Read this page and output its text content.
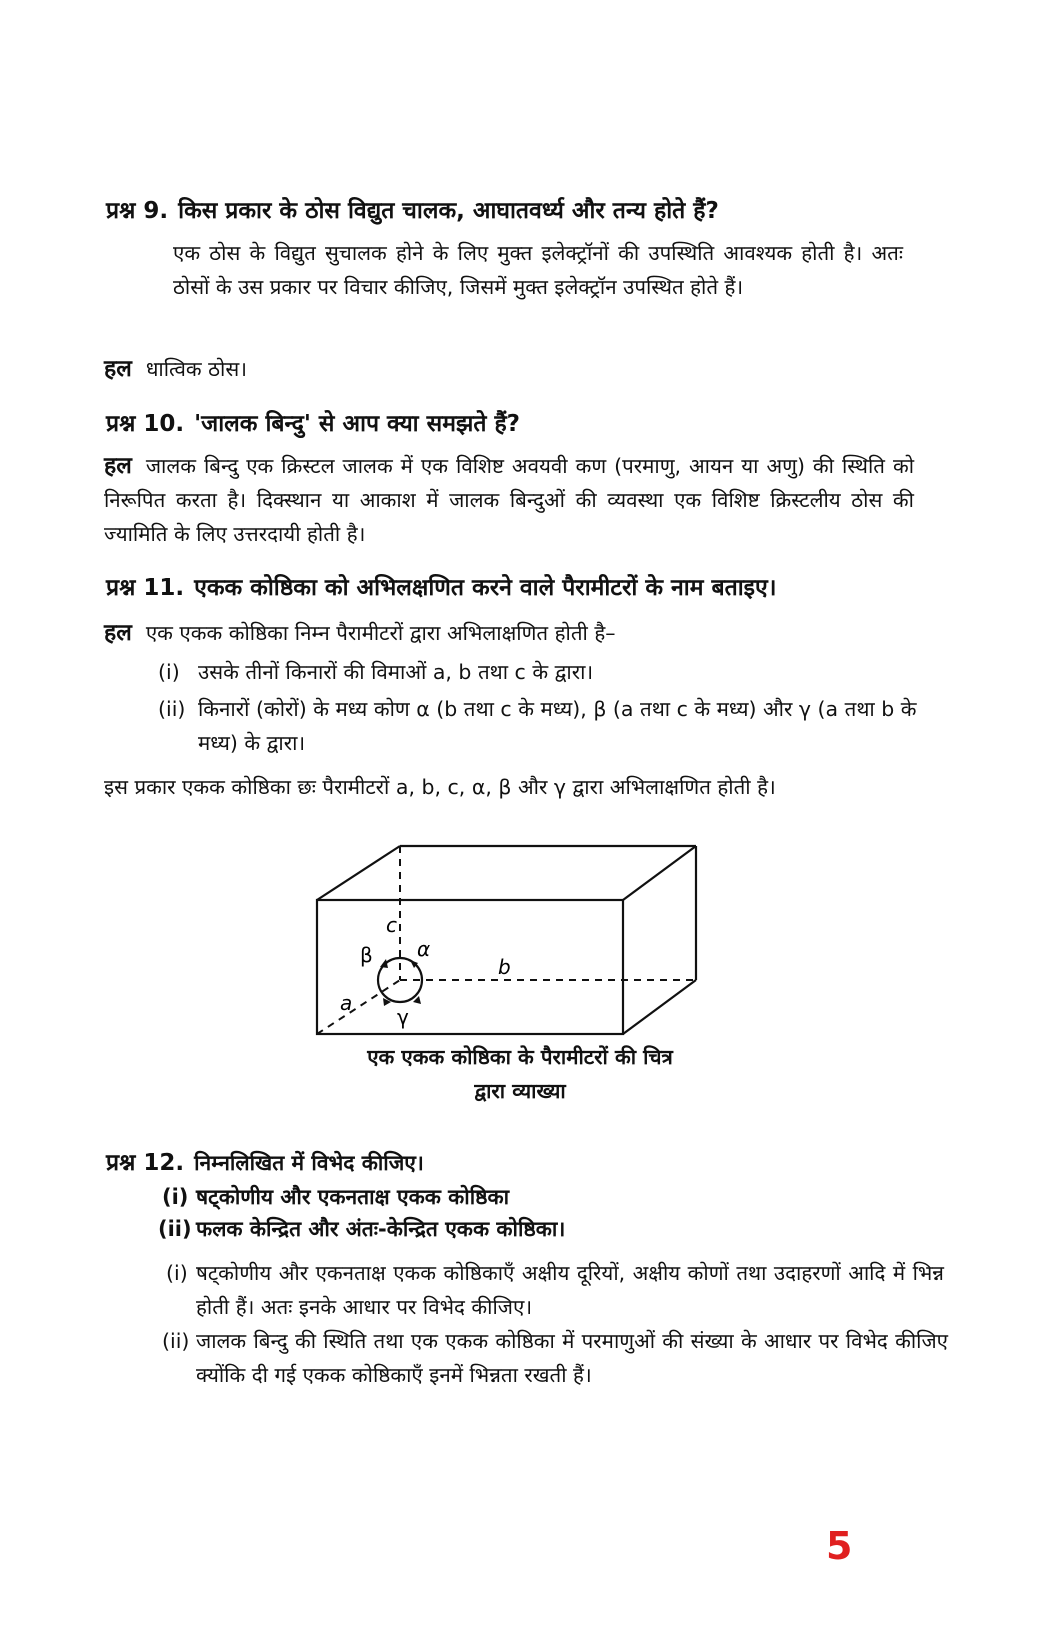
प्रश्न 9. किस प्रकार के ठोस विद्युत चालक, आघातवर्ध्य और तन्य होते हैं?
एक ठोस के विद्युत सुचालक होने के लिए मुक्त इलेक्ट्रॉनों की उपस्थिति आवश्यक होती है। अतः ठोसों के उस प्रकार पर विचार कीजिए, जिसमें मुक्त इलेक्ट्रॉन उपस्थित होते हैं।
हल धात्विक ठोस।
प्रश्न 10. 'जालक बिन्दु' से आप क्या समझते हैं?
हल जालक बिन्दु एक क्रिस्टल जालक में एक विशिष्ट अवयवी कण (परमाणु, आयन या अणु) की स्थिति को निरूपित करता है। दिक्स्थान या आकाश में जालक बिन्दुओं की व्यवस्था एक विशिष्ट क्रिस्टलीय ठोस की ज्यामिति के लिए उत्तरदायी होती है।
प्रश्न 11. एकक कोष्ठिका को अभिलक्षणित करने वाले पैरामीटरों के नाम बताइए।
हल एक एकक कोष्ठिका निम्न पैरामीटरों द्वारा अभिलाक्षणित होती है–
(i) उसके तीनों किनारों की विमाओं a, b तथा c के द्वारा।
(ii) किनारों (कोरों) के मध्य कोण α (b तथा c के मध्य), β (a तथा c के मध्य) और γ (a तथा b के मध्य) के द्वारा।
इस प्रकार एकक कोष्ठिका छः पैरामीटरों a, b, c, α, β और γ द्वारा अभिलाक्षणित होती है।
c
α
β	b
a
γ
एक एकक कोष्ठिका के पैरामीटरों की चित्र
द्वारा व्याख्या
प्रश्न 12. निम्नलिखित में विभेद कीजिए।
(i) षट्कोणीय और एकनताक्ष एकक कोष्ठिका
(ii) फलक केन्द्रित और अंतः-केन्द्रित एकक कोष्ठिका।
(i) षट्कोणीय और एकनताक्ष एकक कोष्ठिकाएँ अक्षीय दूरियों, अक्षीय कोणों तथा उदाहरणों आदि में भिन्न होती हैं। अतः इनके आधार पर विभेद कीजिए।
(ii) जालक बिन्दु की स्थिति तथा एक एकक कोष्ठिका में परमाणुओं की संख्या के आधार पर विभेद कीजिए क्योंकि दी गई एकक कोष्ठिकाएँ इनमें भिन्नता रखती हैं।
5
